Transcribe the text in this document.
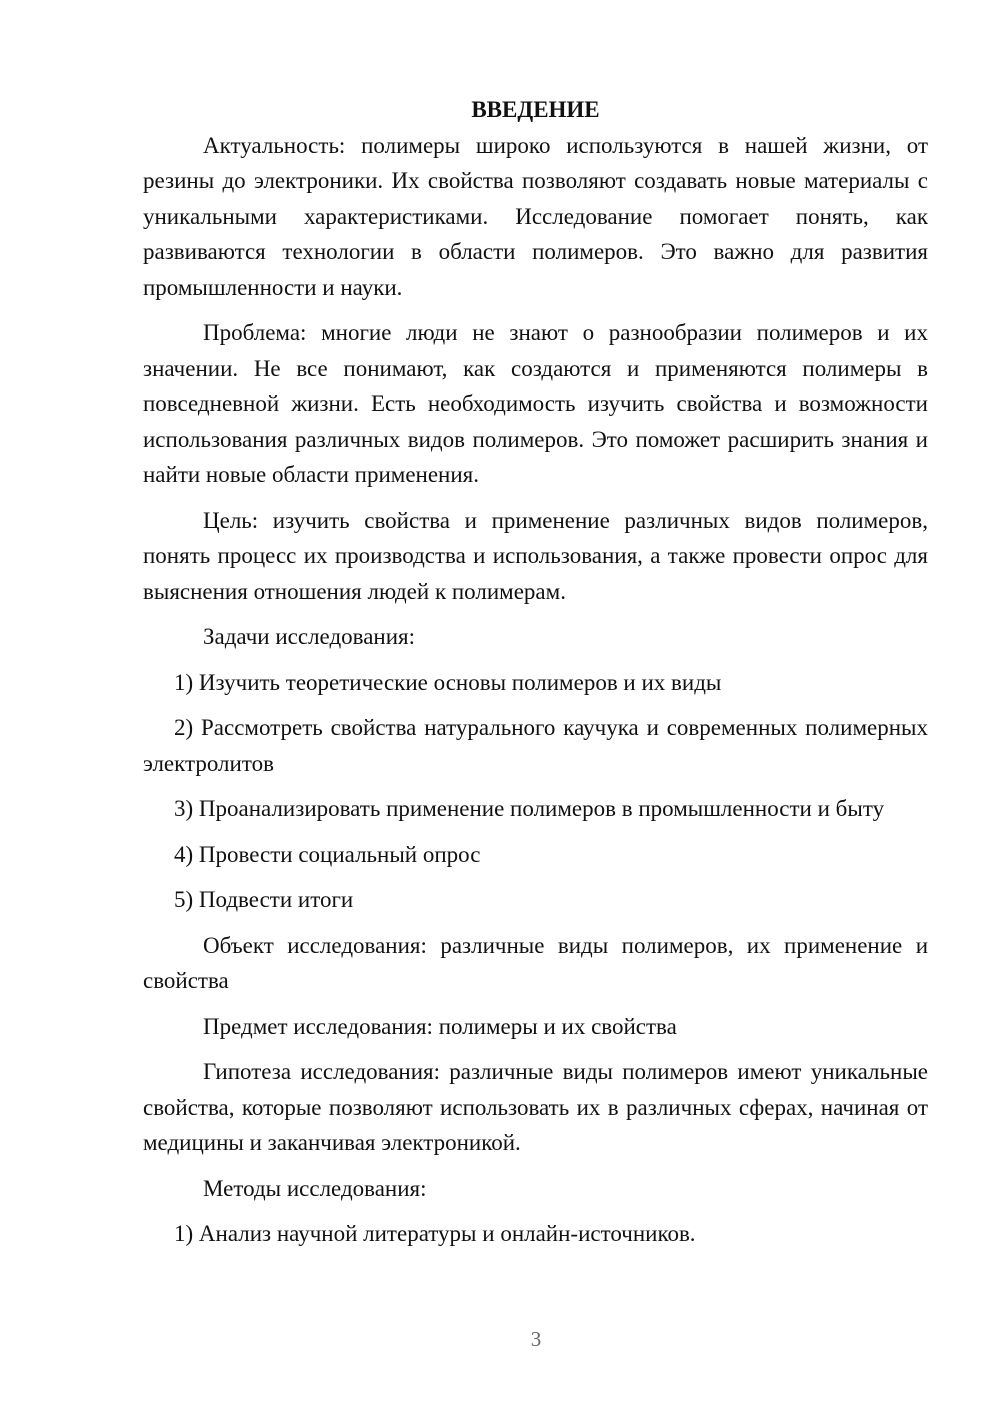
ВВЕДЕНИЕ

Актуальность: полимеры широко используются в нашей жизни, от резины до электроники. Их свойства позволяют создавать новые материалы с уникальными характеристиками. Исследование помогает понять, как развиваются технологии в области полимеров. Это важно для развития промышленности и науки.

Проблема: многие люди не знают о разнообразии полимеров и их значении. Не все понимают, как создаются и применяются полимеры в повседневной жизни. Есть необходимость изучить свойства и возможности использования различных видов полимеров. Это поможет расширить знания и найти новые области применения.

Цель: изучить свойства и применение различных видов полимеров, понять процесс их производства и использования, а также провести опрос для выяснения отношения людей к полимерам.

Задачи исследования:

1) Изучить теоретические основы полимеров и их виды

2) Рассмотреть свойства натурального каучука и современных полимерных электролитов

3) Проанализировать применение полимеров в промышленности и быту

4) Провести социальный опрос

5) Подвести итоги

Объект исследования: различные виды полимеров, их применение и свойства

Предмет исследования: полимеры и их свойства

Гипотеза исследования: различные виды полимеров имеют уникальные свойства, которые позволяют использовать их в различных сферах, начиная от медицины и заканчивая электроникой.

Методы исследования:

1) Анализ научной литературы и онлайн-источников.

3
